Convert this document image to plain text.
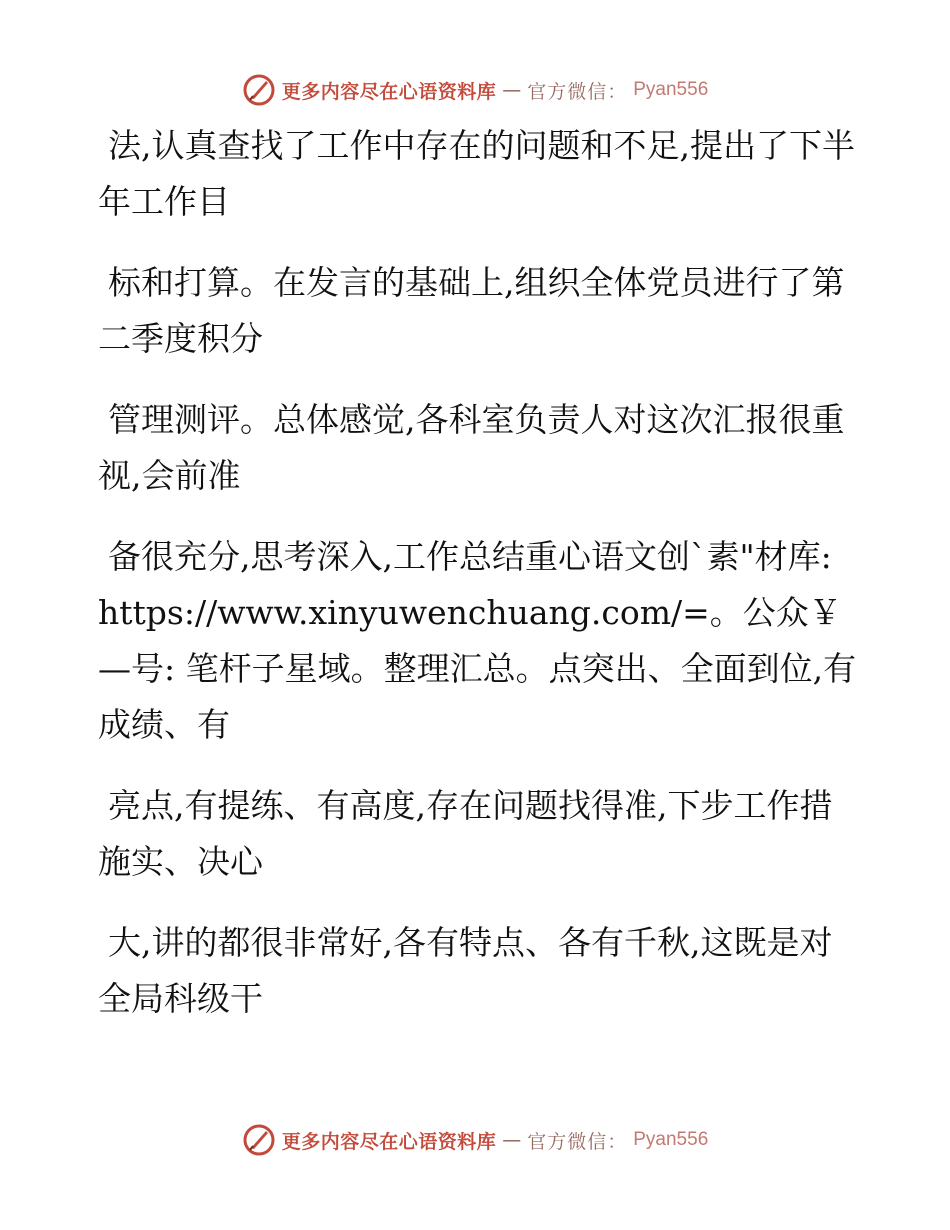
更多内容尽在心语资料库 — 官方微信： Pyan556

法,认真查找了工作中存在的问题和不足,提出了下半年工作目

标和打算。在发言的基础上,组织全体党员进行了第二季度积分

管理测评。总体感觉,各科室负责人对这次汇报很重视,会前准

备很充分,思考深入,工作总结重心语文创`素"材库: https://www.xinyuwenchuang.com/=。公众￥—号: 笔杆子星域。整理汇总。点突出、全面到位,有成绩、有

亮点,有提练、有高度,存在问题找得准,下步工作措施实、决心

大,讲的都很非常好,各有特点、各有千秋,这既是对全局科级干

更多内容尽在心语资料库 — 官方微信： Pyan556
